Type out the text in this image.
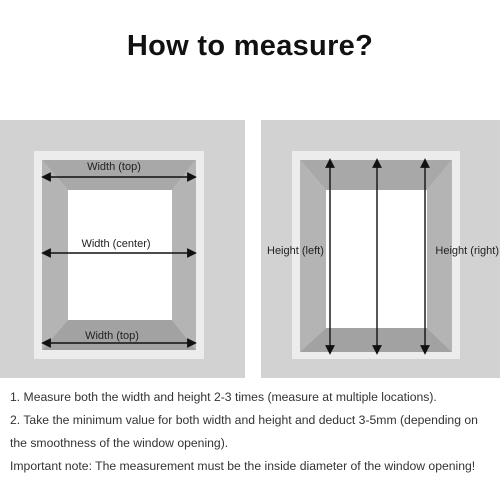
How to measure?
Width (top)
Width (center)
Width (top)
Height (left)	Height (right)

1. Measure both the width and height 2-3 times (measure at multiple locations).

2. Take the minimum value for both width and height and deduct 3-5mm (depending on the smoothness of the window opening).

Important note: The measurement must be the inside diameter of the window opening!
